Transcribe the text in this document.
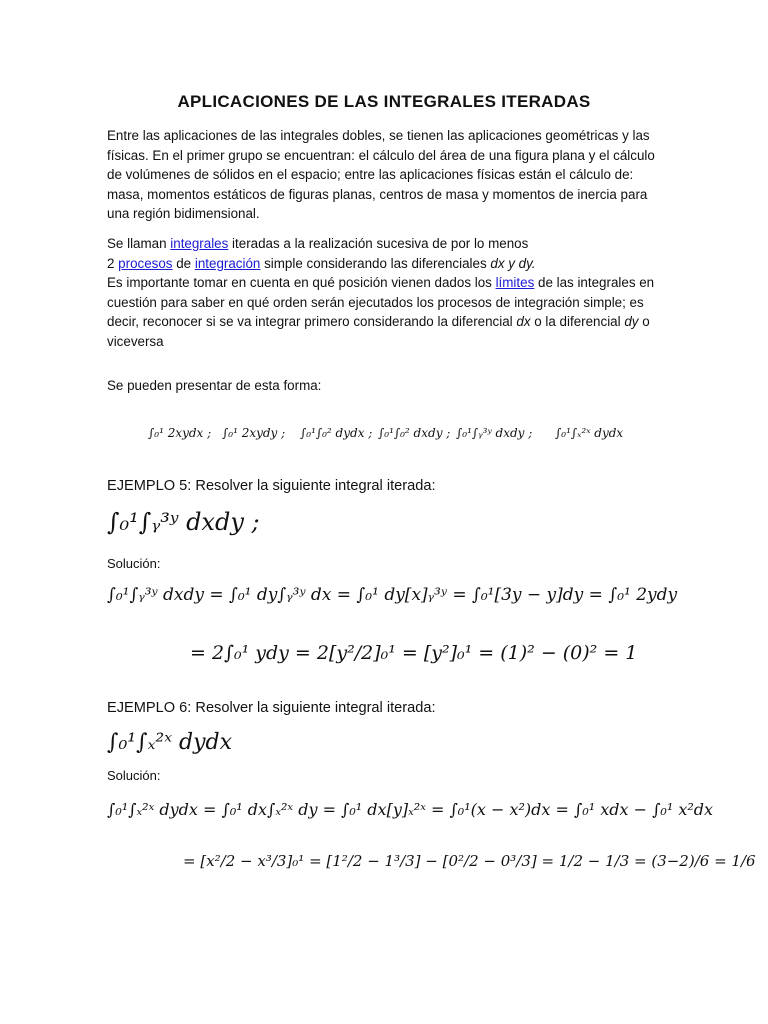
APLICACIONES DE LAS INTEGRALES ITERADAS
Entre las aplicaciones de las integrales dobles, se tienen las aplicaciones geométricas y las físicas. En el primer grupo se encuentran: el cálculo del área de una figura plana y el cálculo de volúmenes de sólidos en el espacio; entre las aplicaciones físicas están el cálculo de: masa, momentos estáticos de figuras planas, centros de masa y momentos de inercia para una región bidimensional.
Se llaman integrales iteradas a la realización sucesiva de por lo menos
2 procesos de integración simple considerando las diferenciales dx y dy.
Es importante tomar en cuenta en qué posición vienen dados los límites de las integrales en cuestión para saber en qué orden serán ejecutados los procesos de integración simple; es decir, reconocer si se va integrar primero considerando la diferencial dx o la diferencial dy o viceversa
Se pueden presentar de esta forma:
∫₀¹ 2xydx ; ∫₀¹ 2xydy ; ∫₀¹∫₀² dydx ; ∫₀¹∫₀² dxdy ; ∫₀¹∫ᵧ³ʸ dxdy ; ∫₀¹∫ₓ²ˣ dydx
EJEMPLO 5: Resolver la siguiente integral iterada:
∫₀¹∫ᵧ³ʸ dxdy ;
Solución:
∫₀¹∫ᵧ³ʸ dxdy = ∫₀¹ dy∫ᵧ³ʸ dx = ∫₀¹ dy[x]ᵧ³ʸ = ∫₀¹[3y − y]dy = ∫₀¹ 2ydy
= 2∫₀¹ ydy = 2[y²/2]₀¹ = [y²]₀¹ = (1)² − (0)² = 1
EJEMPLO 6: Resolver la siguiente integral iterada:
∫₀¹∫ₓ²ˣ dydx
Solución:
∫₀¹∫ₓ²ˣ dydx = ∫₀¹ dx∫ₓ²ˣ dy = ∫₀¹ dx[y]ₓ²ˣ = ∫₀¹(x − x²)dx = ∫₀¹ xdx − ∫₀¹ x²dx
= [x²/2 − x³/3]₀¹ = [1²/2 − 1³/3] − [0²/2 − 0³/3] = 1/2 − 1/3 = (3−2)/6 = 1/6
